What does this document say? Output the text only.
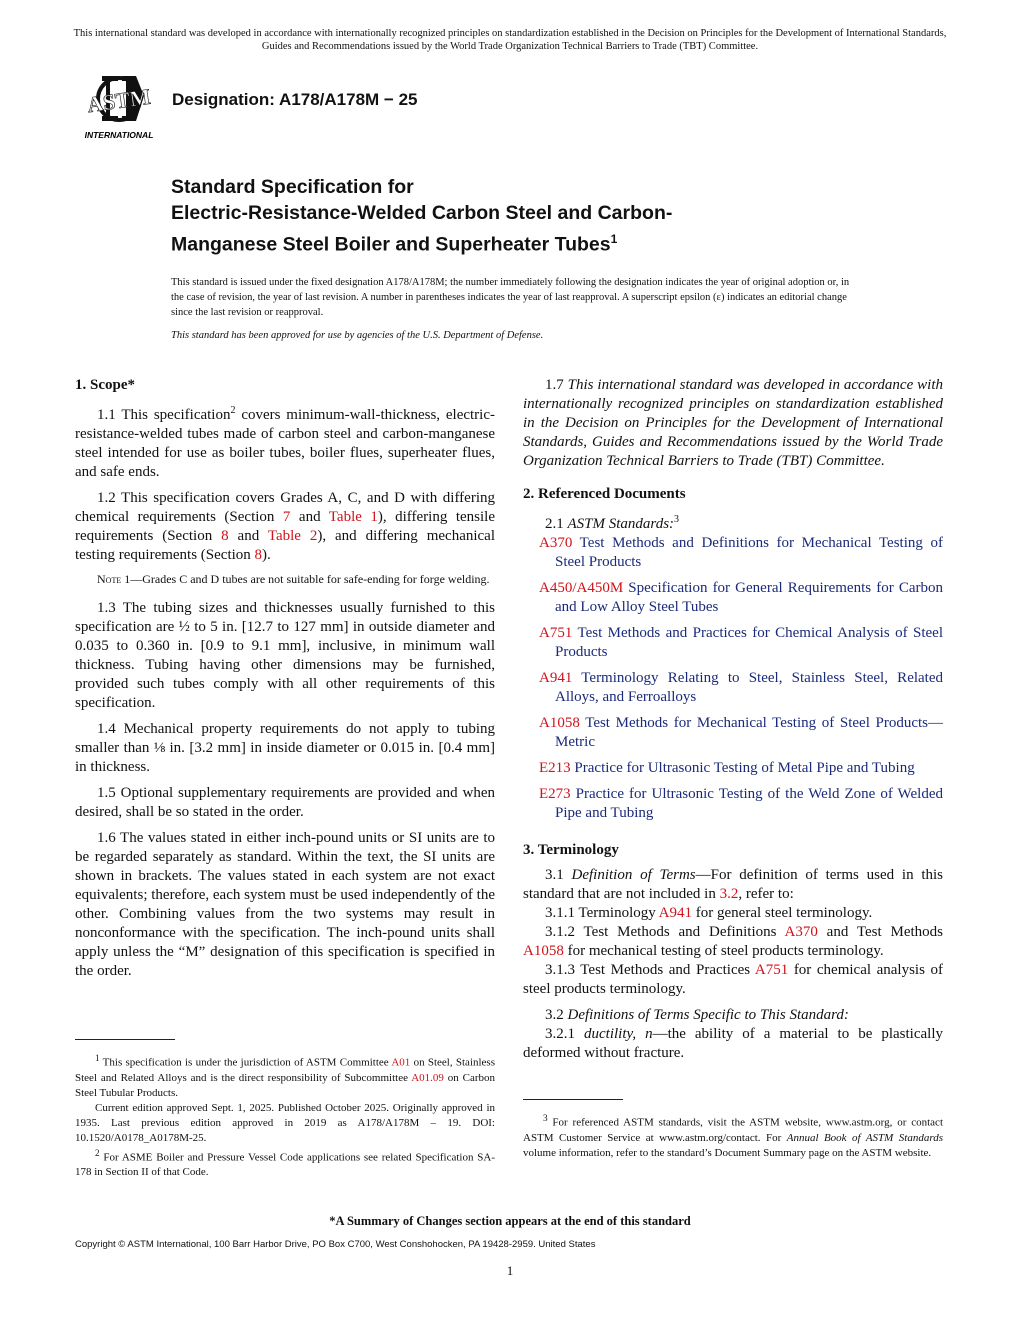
This international standard was developed in accordance with internationally recognized principles on standardization established in the Decision on Principles for the Development of International Standards, Guides and Recommendations issued by the World Trade Organization Technical Barriers to Trade (TBT) Committee.
ASTM
INTERNATIONAL
Designation: A178/A178M − 25
Standard Specification for
Electric-Resistance-Welded Carbon Steel and Carbon-
Manganese Steel Boiler and Superheater Tubes$^1$
This standard is issued under the fixed designation A178/A178M; the number immediately following the designation indicates the year of original adoption or, in the case of revision, the year of last revision. A number in parentheses indicates the year of last reapproval. A superscript epsilon (ε) indicates an editorial change since the last revision or reapproval.
This standard has been approved for use by agencies of the U.S. Department of Defense.
1. Scope*

1.1 This specification$^2$ covers minimum-wall-thickness, electric-resistance-welded tubes made of carbon steel and carbon-manganese steel intended for use as boiler tubes, boiler flues, superheater flues, and safe ends.

1.2 This specification covers Grades A, C, and D with differing chemical requirements (Section 7 and Table 1), differing tensile requirements (Section 8 and Table 2), and differing mechanical testing requirements (Section 8).

Note 1—Grades C and D tubes are not suitable for safe-ending for forge welding.

1.3 The tubing sizes and thicknesses usually furnished to this specification are ½ to 5 in. [12.7 to 127 mm] in outside diameter and 0.035 to 0.360 in. [0.9 to 9.1 mm], inclusive, in minimum wall thickness. Tubing having other dimensions may be furnished, provided such tubes comply with all other requirements of this specification.

1.4 Mechanical property requirements do not apply to tubing smaller than ⅛ in. [3.2 mm] in inside diameter or 0.015 in. [0.4 mm] in thickness.

1.5 Optional supplementary requirements are provided and when desired, shall be so stated in the order.

1.6 The values stated in either inch-pound units or SI units are to be regarded separately as standard. Within the text, the SI units are shown in brackets. The values stated in each system are not exact equivalents; therefore, each system must be used independently of the other. Combining values from the two systems may result in nonconformance with the specification. The inch-pound units shall apply unless the “M” designation of this specification is specified in the order.

1.7 This international standard was developed in accordance with internationally recognized principles on standardization established in the Decision on Principles for the Development of International Standards, Guides and Recommendations issued by the World Trade Organization Technical Barriers to Trade (TBT) Committee.

2. Referenced Documents

2.1 ASTM Standards:$^3$

A370 Test Methods and Definitions for Mechanical Testing of Steel Products

A450/A450M Specification for General Requirements for Carbon and Low Alloy Steel Tubes

A751 Test Methods and Practices for Chemical Analysis of Steel Products

A941 Terminology Relating to Steel, Stainless Steel, Related Alloys, and Ferroalloys

A1058 Test Methods for Mechanical Testing of Steel Products—Metric

E213 Practice for Ultrasonic Testing of Metal Pipe and Tubing

E273 Practice for Ultrasonic Testing of the Weld Zone of Welded Pipe and Tubing

3. Terminology

3.1 Definition of Terms—For definition of terms used in this standard that are not included in 3.2, refer to:

3.1.1 Terminology A941 for general steel terminology.

3.1.2 Test Methods and Definitions A370 and Test Methods A1058 for mechanical testing of steel products terminology.

3.1.3 Test Methods and Practices A751 for chemical analysis of steel products terminology.

3.2 Definitions of Terms Specific to This Standard:

3.2.1 ductility, n—the ability of a material to be plastically deformed without fracture.

$^1$ This specification is under the jurisdiction of ASTM Committee A01 on Steel, Stainless Steel and Related Alloys and is the direct responsibility of Subcommittee A01.09 on Carbon Steel Tubular Products.

Current edition approved Sept. 1, 2025. Published October 2025. Originally approved in 1935. Last previous edition approved in 2019 as A178/A178M – 19. DOI: 10.1520/A0178_A0178M-25.

$^2$ For ASME Boiler and Pressure Vessel Code applications see related Specification SA-178 in Section II of that Code.

$^3$ For referenced ASTM standards, visit the ASTM website, www.astm.org, or contact ASTM Customer Service at www.astm.org/contact. For Annual Book of ASTM Standards volume information, refer to the standard’s Document Summary page on the ASTM website.

*A Summary of Changes section appears at the end of this standard
Copyright © ASTM International, 100 Barr Harbor Drive, PO Box C700, West Conshohocken, PA 19428-2959. United States
1
